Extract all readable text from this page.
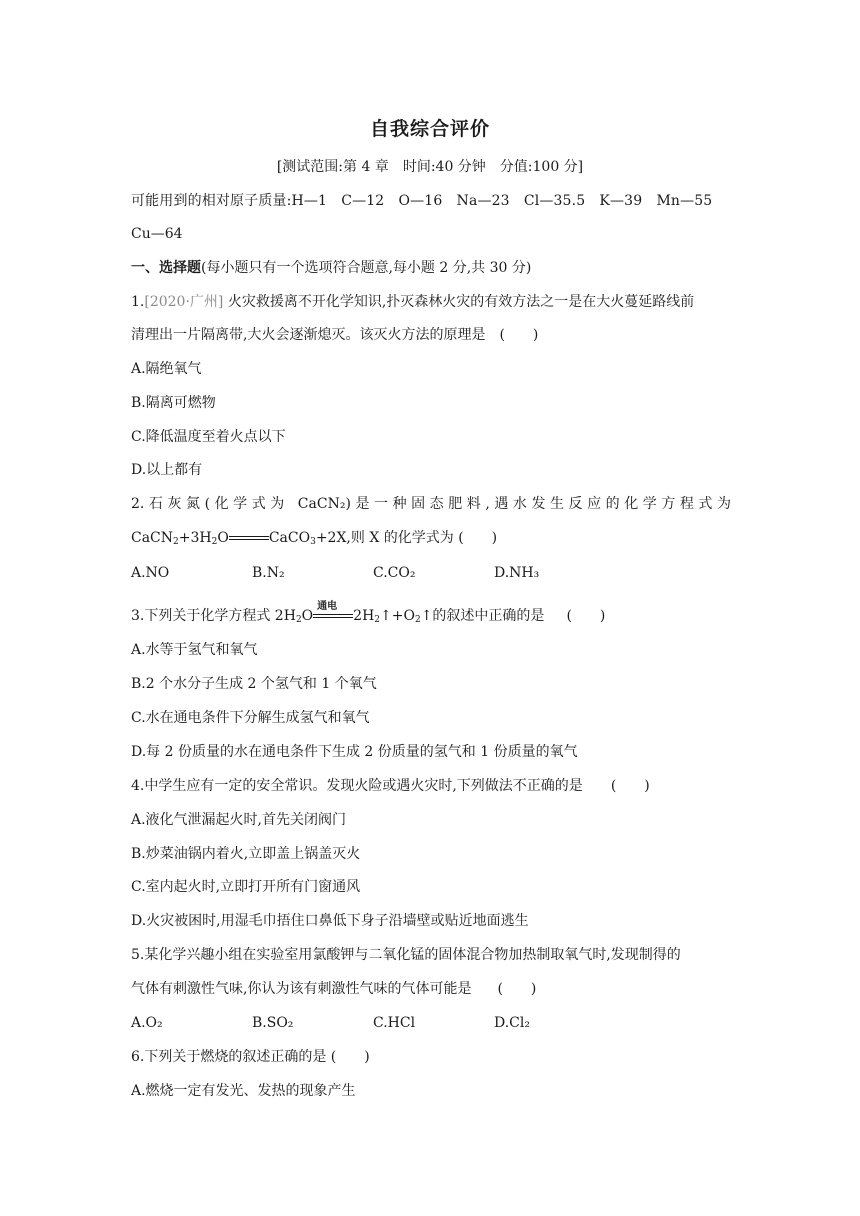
自我综合评价
[测试范围:第 4 章　时间:40 分钟　分值:100 分]
可能用到的相对原子质量:H—1　C—12　O—16　Na—23　Cl—35.5　K—39　Mn—55
Cu—64
一、选择题(每小题只有一个选项符合题意,每小题 2 分,共 30 分)
1.[2020·广州] 火灾救援离不开化学知识,扑灭森林火灾的有效方法之一是在大火蔓延路线前
清理出一片隔离带,大火会逐渐熄灭。该灭火方法的原理是 (　　)
A.隔绝氧气
B.隔离可燃物
C.降低温度至着火点以下
D.以上都有
2.石灰氮(化学式为 CaCN₂)是一种固态肥料,遇水发生反应的化学方程式为
$CaCN_2+3H_2O$	CaCO$_3$+2X,则 X 的化学式为 (　　)
A.NO	B.N₂	C.CO₂	D.NH₃
3.下列关于化学方程式 $2H_2O$
通电
$2H_2↑+O_2↑$的叙述中正确的是 (　　)
A.水等于氢气和氧气
B.2 个水分子生成 2 个氢气和 1 个氧气
C.水在通电条件下分解生成氢气和氧气
D.每 2 份质量的水在通电条件下生成 2 份质量的氢气和 1 份质量的氧气
4.中学生应有一定的安全常识。发现火险或遇火灾时,下列做法不正确的是 (　　)
A.液化气泄漏起火时,首先关闭阀门
B.炒菜油锅内着火,立即盖上锅盖灭火
C.室内起火时,立即打开所有门窗通风
D.火灾被困时,用湿毛巾捂住口鼻低下身子沿墙壁或贴近地面逃生
5.某化学兴趣小组在实验室用氯酸钾与二氧化锰的固体混合物加热制取氧气时,发现制得的
气体有刺激性气味,你认为该有刺激性气味的气体可能是 (　　)
A.O₂	B.SO₂	C.HCl	D.Cl₂
6.下列关于燃烧的叙述正确的是 (　　)
A.燃烧一定有发光、发热的现象产生
